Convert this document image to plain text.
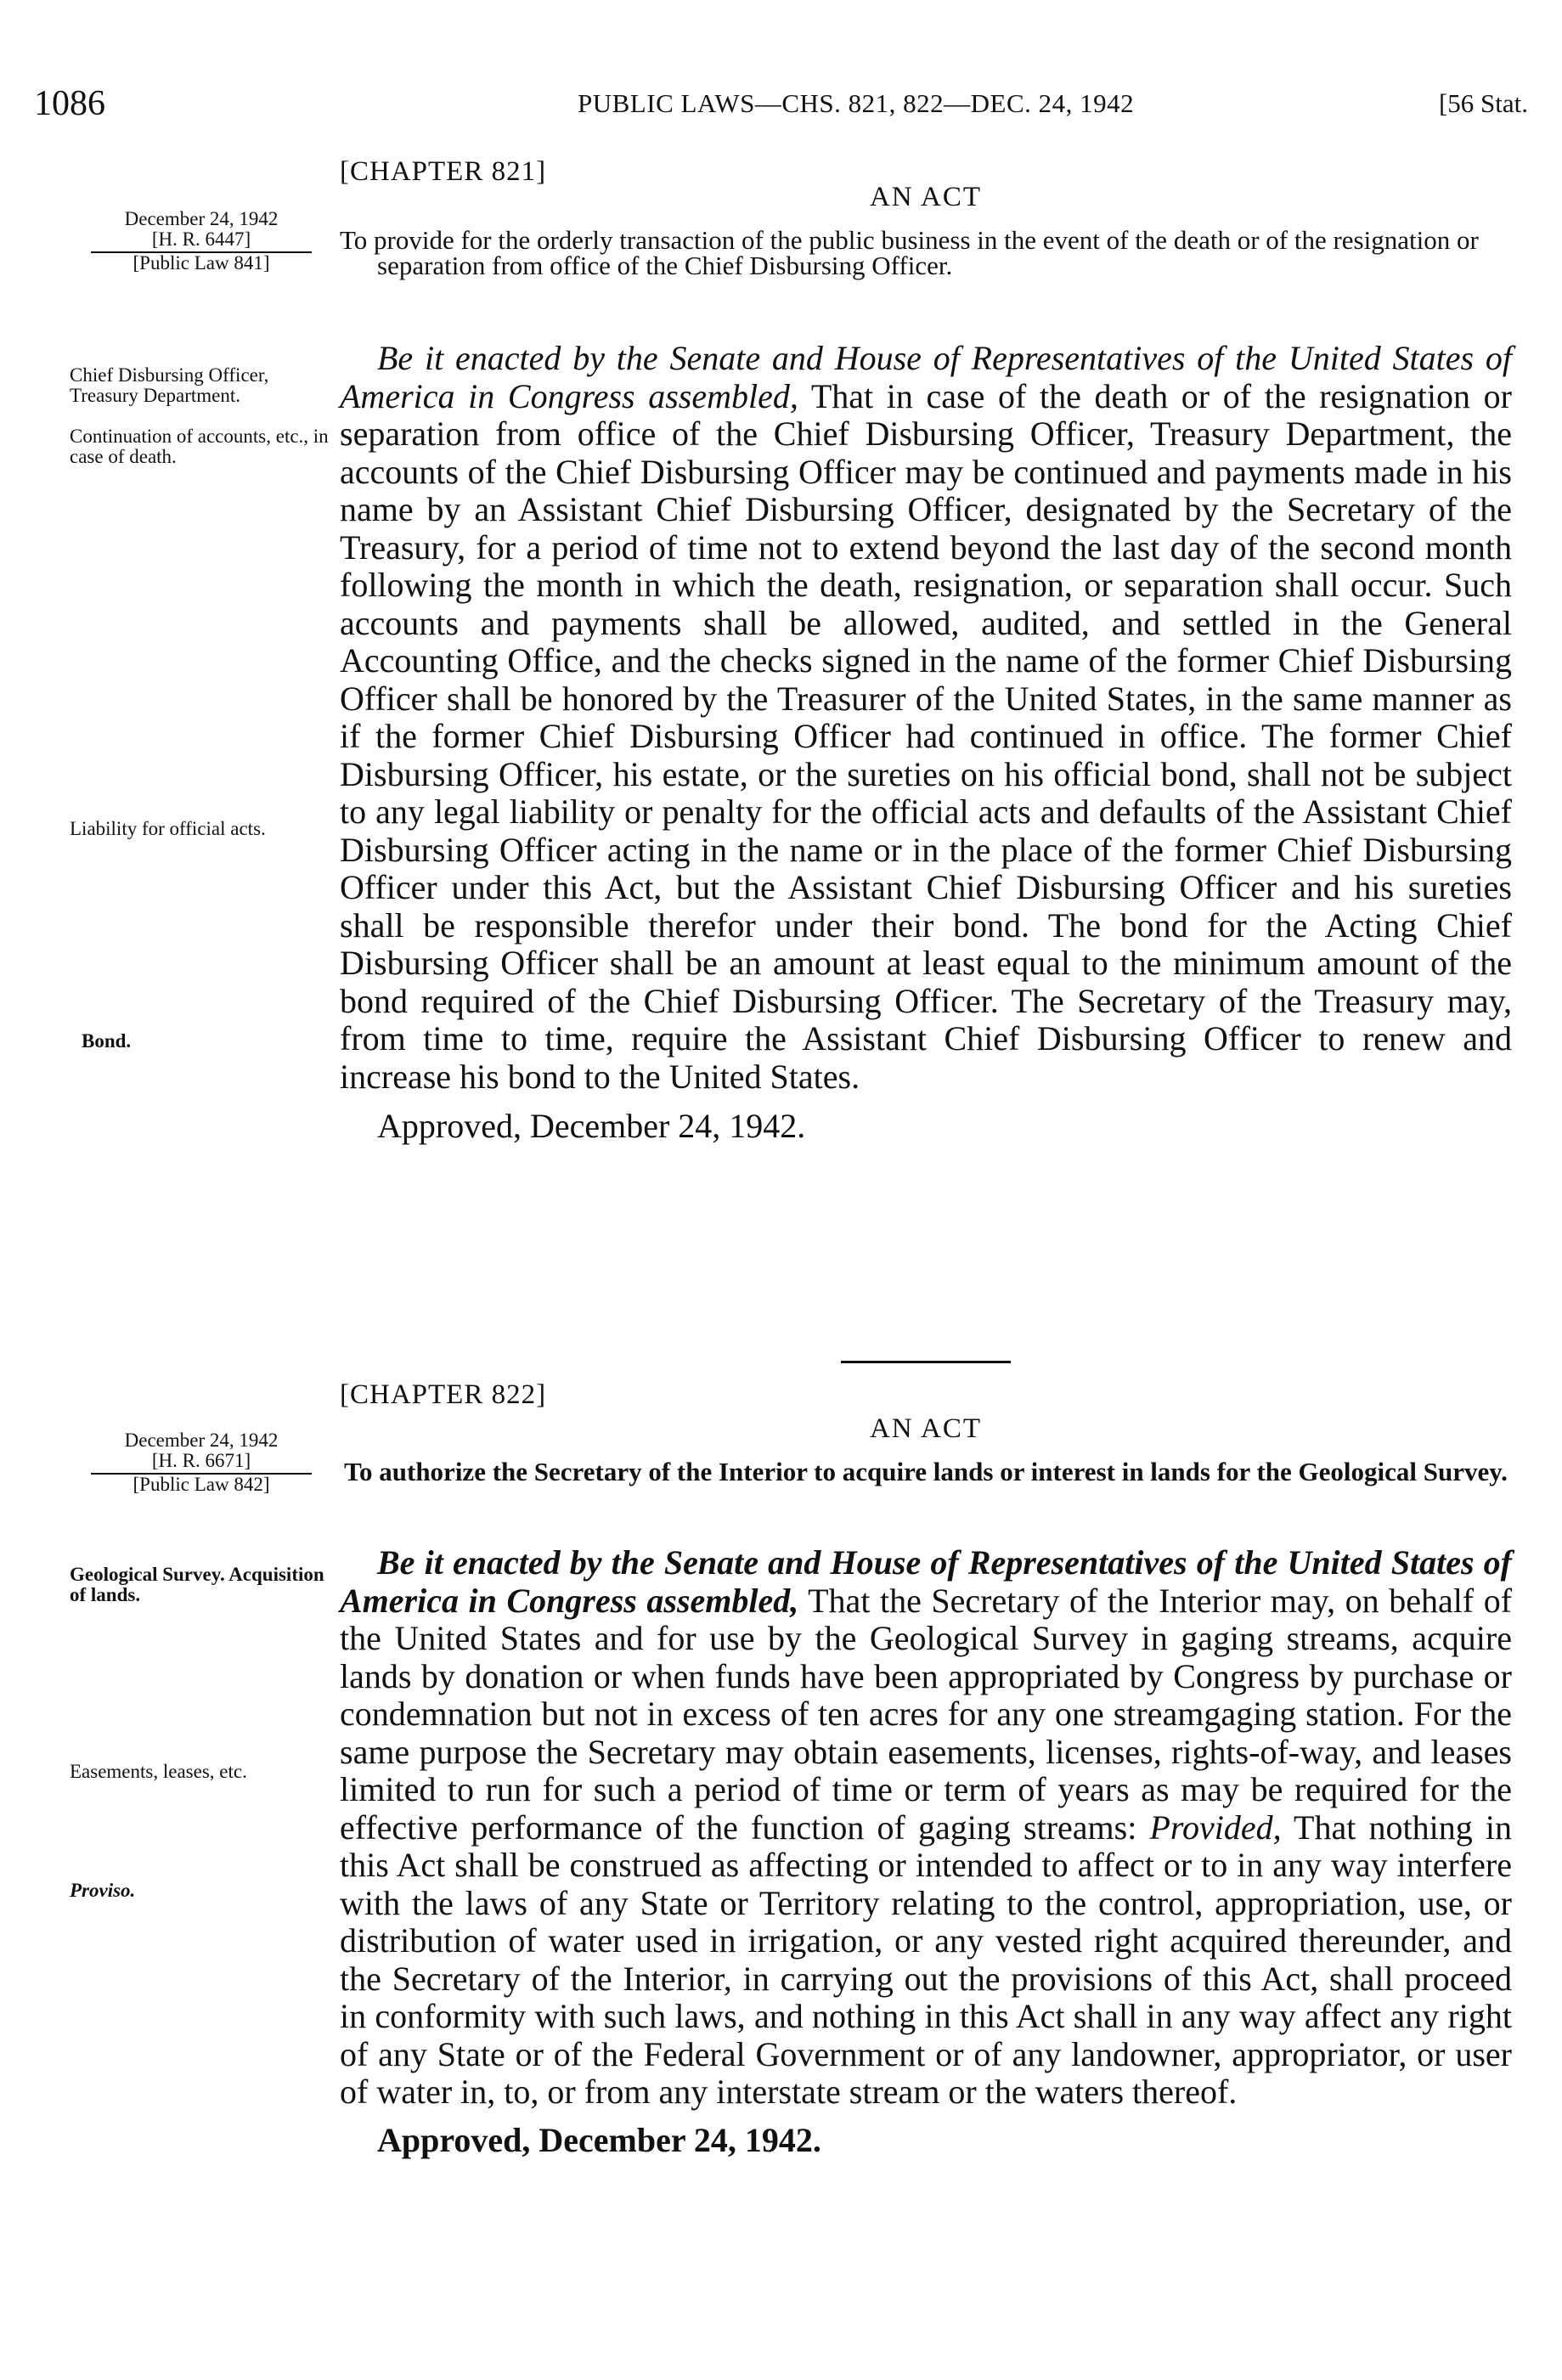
1086	PUBLIC LAWS—CHS. 821, 822—DEC. 24, 1942	[56 Stat.
[CHAPTER 821]
AN ACT
To provide for the orderly transaction of the public business in the event of the death or of the resignation or separation from office of the Chief Disbursing Officer.
December 24, 1942
[H. R. 6447]
[Public Law 841]

Be it enacted by the Senate and House of Representatives of the United States of America in Congress assembled, That in case of the death or of the resignation or separation from office of the Chief Disbursing Officer, Treasury Department, the accounts of the Chief Disbursing Officer may be continued and payments made in his name by an Assistant Chief Disbursing Officer, designated by the Secretary of the Treasury, for a period of time not to extend beyond the last day of the second month following the month in which the death, resignation, or separation shall occur. Such accounts and payments shall be allowed, audited, and settled in the General Accounting Office, and the checks signed in the name of the former Chief Disbursing Officer shall be honored by the Treasurer of the United States, in the same manner as if the former Chief Disbursing Officer had continued in office. The former Chief Disbursing Officer, his estate, or the sureties on his official bond, shall not be subject to any legal liability or penalty for the official acts and defaults of the Assistant Chief Disbursing Officer acting in the name or in the place of the former Chief Disbursing Officer under this Act, but the Assistant Chief Disbursing Officer and his sureties shall be responsible therefor under their bond. The bond for the Acting Chief Disbursing Officer shall be an amount at least equal to the minimum amount of the bond required of the Chief Disbursing Officer. The Secretary of the Treasury may, from time to time, require the Assistant Chief Disbursing Officer to renew and increase his bond to the United States.

Approved, December 24, 1942.
Chief Disbursing Officer, Treasury Department.
Continuation of accounts, etc., in case of death.
Liability for official acts.
Bond.
[CHAPTER 822]
AN ACT
To authorize the Secretary of the Interior to acquire lands or interest in lands for the Geological Survey.
December 24, 1942
[H. R. 6671]
[Public Law 842]

Be it enacted by the Senate and House of Representatives of the United States of America in Congress assembled, That the Secretary of the Interior may, on behalf of the United States and for use by the Geological Survey in gaging streams, acquire lands by donation or when funds have been appropriated by Congress by purchase or condemnation but not in excess of ten acres for any one streamgaging station. For the same purpose the Secretary may obtain easements, licenses, rights-of-way, and leases limited to run for such a period of time or term of years as may be required for the effective performance of the function of gaging streams: Provided, That nothing in this Act shall be construed as affecting or intended to affect or to in any way interfere with the laws of any State or Territory relating to the control, appropriation, use, or distribution of water used in irrigation, or any vested right acquired thereunder, and the Secretary of the Interior, in carrying out the provisions of this Act, shall proceed in conformity with such laws, and nothing in this Act shall in any way affect any right of any State or of the Federal Government or of any landowner, appropriator, or user of water in, to, or from any interstate stream or the waters thereof.

Approved, December 24, 1942.
Geological Survey. Acquisition of lands.
Easements, leases, etc.
Proviso.
